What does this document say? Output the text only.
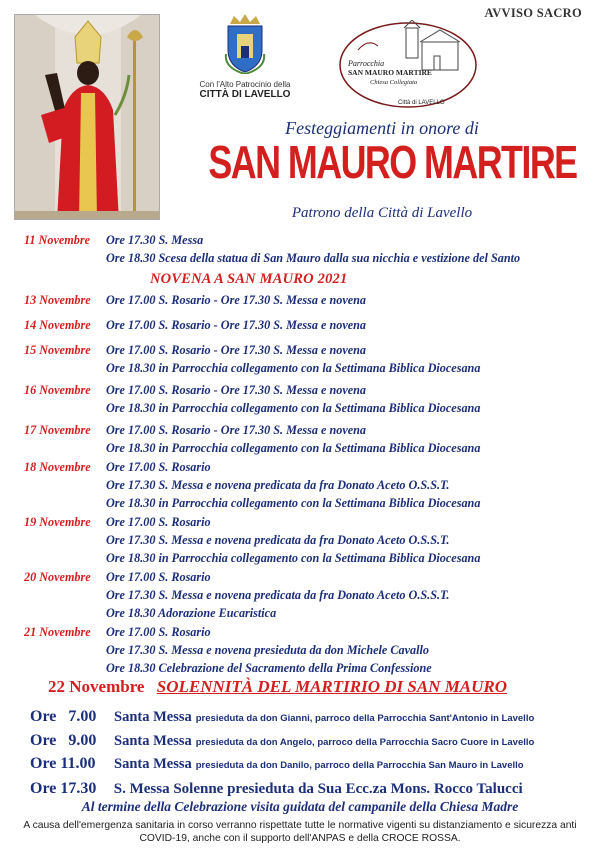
AVVISO SACRO
Con l'Alto Patrocinio della
CITTÀ DI LAVELLO
Parrocchia
SAN MAURO MARTIRE
Chiesa Collegiata
Città di LAVELLO
Festeggiamenti in onore di
SAN MAURO MARTIRE
Patrono della Città di Lavello
11 Novembre Ore 17.30 S. Messa
Ore 18.30 Scesa della statua di San Mauro dalla sua nicchia e vestizione del Santo
13 Novembre Ore 17.00 S. Rosario - Ore 17.30 S. Messa e novena
14 Novembre Ore 17.00 S. Rosario - Ore 17.30 S. Messa e novena
15 Novembre Ore 17.00 S. Rosario - Ore 17.30 S. Messa e novena
Ore 18.30 in Parrocchia collegamento con la Settimana Biblica Diocesana
16 Novembre Ore 17.00 S. Rosario - Ore 17.30 S. Messa e novena
Ore 18.30 in Parrocchia collegamento con la Settimana Biblica Diocesana
17 Novembre Ore 17.00 S. Rosario - Ore 17.30 S. Messa e novena
Ore 18.30 in Parrocchia collegamento con la Settimana Biblica Diocesana
18 Novembre Ore 17.00 S. Rosario
Ore 17.30 S. Messa e novena predicata da fra Donato Aceto O.S.S.T.
Ore 18.30 in Parrocchia collegamento con la Settimana Biblica Diocesana
19 Novembre Ore 17.00 S. Rosario
Ore 17.30 S. Messa e novena predicata da fra Donato Aceto O.S.S.T.
Ore 18.30 in Parrocchia collegamento con la Settimana Biblica Diocesana
20 Novembre Ore 17.00 S. Rosario
Ore 17.30 S. Messa e novena predicata da fra Donato Aceto O.S.S.T.
Ore 18.30 Adorazione Eucaristica
21 Novembre Ore 17.00 S. Rosario
Ore 17.30 S. Messa e novena presieduta da don Michele Cavallo
Ore 18.30 Celebrazione del Sacramento della Prima Confessione
NOVENA A SAN MAURO 2021
22 Novembre SOLENNITÀ DEL MARTIRIO DI SAN MAURO
Ore   7.00 Santa Messa presieduta da don Gianni, parroco della Parrocchia Sant'Antonio in Lavello
Ore   9.00 Santa Messa presieduta da don Angelo, parroco della Parrocchia Sacro Cuore in Lavello
Ore 11.00 Santa Messa presieduta da don Danilo, parroco della Parrocchia San Mauro in Lavello
Ore 17.30 S. Messa Solenne presieduta da Sua Ecc.za Mons. Rocco Talucci
Al termine della Celebrazione visita guidata del campanile della Chiesa Madre
A causa dell'emergenza sanitaria in corso verranno rispettate tutte le normative vigenti su distanziamento e sicurezza anti COVID-19, anche con il supporto dell'ANPAS e della CROCE ROSSA.
